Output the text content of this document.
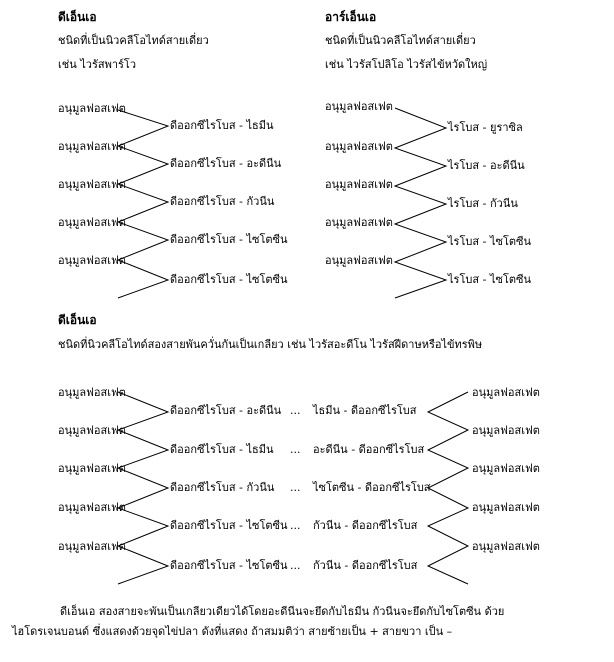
ดีเอ็นเอ
ชนิดที่เป็นนิวคลีโอไทด์สายเดี่ยว
เช่น ไวรัสพาร์โว
อนุมูลฟอสเฟต
อนุมูลฟอสเฟต
อนุมูลฟอสเฟต
อนุมูลฟอสเฟต
อนุมูลฟอสเฟต
ดีออกซีไรโบส - ไธมีน
ดีออกซีไรโบส - อะดีนีน
ดีออกซีไรโบส - กัวนีน
ดีออกซีไรโบส - ไซโตซีน
ดีออกซีไรโบส - ไซโตซีน
อาร์เอ็นเอ
ชนิดที่เป็นนิวคลีโอไทด์สายเดี่ยว
เช่น ไวรัสโปลิโอ ไวรัสไข้หวัดใหญ่
อนุมูลฟอสเฟต
อนุมูลฟอสเฟต
อนุมูลฟอสเฟต
อนุมูลฟอสเฟต
อนุมูลฟอสเฟต
ไรโบส - ยูราซิล
ไรโบส - อะดีนีน
ไรโบส - กัวนีน
ไรโบส - ไซโตซีน
ไรโบส - ไซโตซีน
ดีเอ็นเอ
ชนิดที่นิวคลีโอไทด์สองสายพันควั่นกันเป็นเกลียว เช่น ไวรัสอะดีโน ไวรัสฝีดาษหรือไข้ทรพิษ
อนุมูลฟอสเฟต
อนุมูลฟอสเฟต
อนุมูลฟอสเฟต
อนุมูลฟอสเฟต
อนุมูลฟอสเฟต
อนุมูลฟอสเฟต
อนุมูลฟอสเฟต
อนุมูลฟอสเฟต
อนุมูลฟอสเฟต
อนุมูลฟอสเฟต
ดีออกซีไรโบส - อะดีนีน ... ไธมีน - ดีออกซีไรโบส
ดีออกซีไรโบส - ไธมีน ... อะดีนีน - ดีออกซีไรโบส
ดีออกซีไรโบส - กัวนีน ... ไซโตซีน - ดีออกซีไรโบส
ดีออกซีไรโบส - ไซโตซีน ... กัวนีน - ดีออกซีไรโบส
ดีออกซีไรโบส - ไซโตซีน ... กัวนีน - ดีออกซีไรโบส
ดีเอ็นเอ สองสายจะพันเป็นเกลียวเดียวได้โดยอะดีนีนจะยึดกับไธมีน กัวนีนจะยึดกับไซโตซีน ด้วย
ไฮโดรเจนบอนด์ ซึ่งแสดงด้วยจุดไข่ปลา ดังที่แสดง ถ้าสมมติว่า สายซ้ายเป็น + สายขวา เป็น –
